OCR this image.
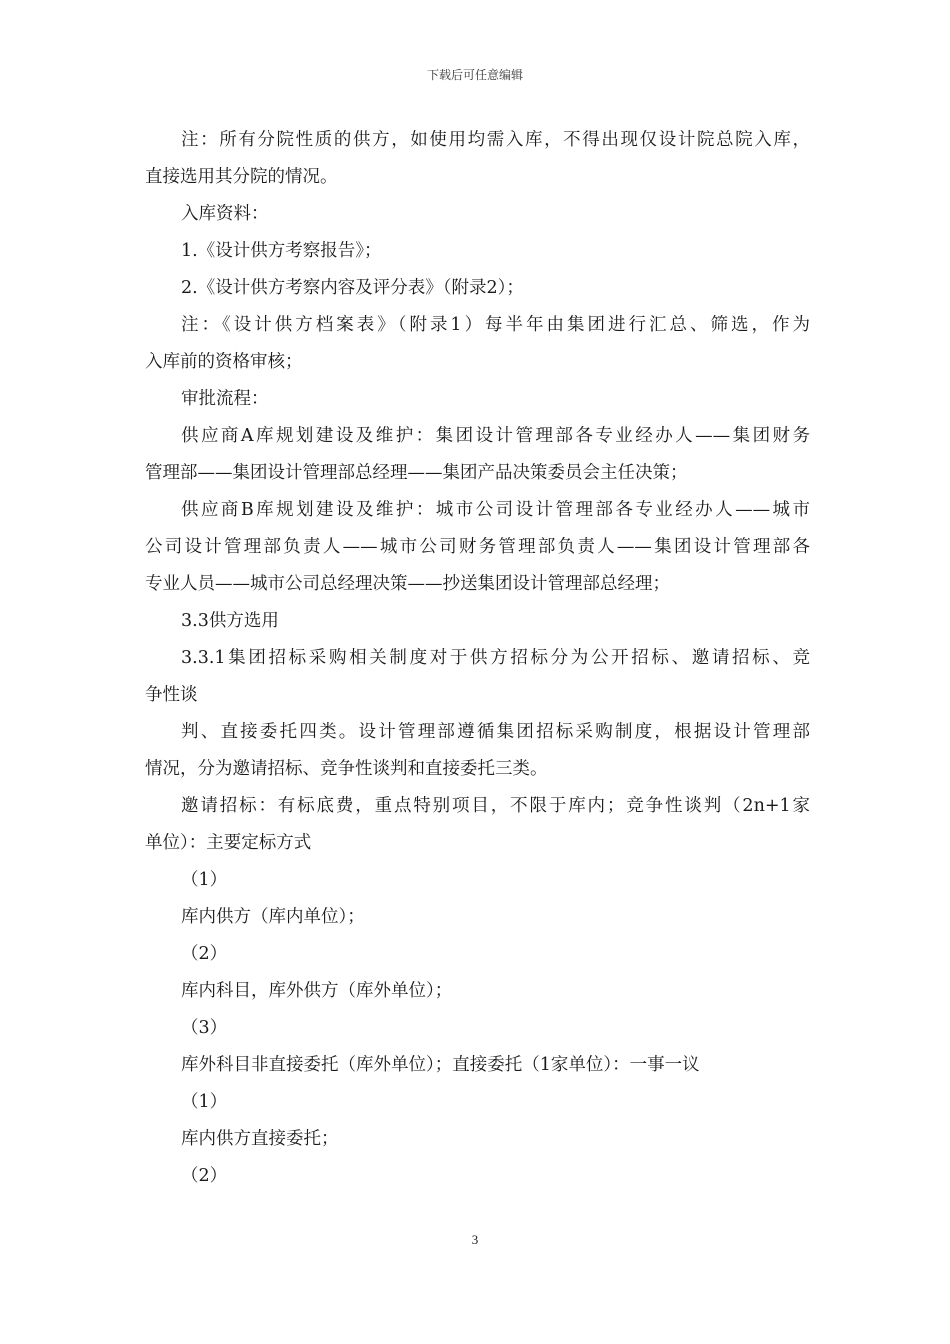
下载后可任意编辑
注：所有分院性质的供方，如使用均需入库，不得出现仅设计院总院入库，
直接选用其分院的情况。
入库资料：
1.《设计供方考察报告》；
2.《设计供方考察内容及评分表》（附录2）；
注：《设计供方档案表》（附录1）每半年由集团进行汇总、筛选，作为
入库前的资格审核；
审批流程：
供应商A库规划建设及维护：集团设计管理部各专业经办人——集团财务
管理部——集团设计管理部总经理——集团产品决策委员会主任决策；
供应商B库规划建设及维护：城市公司设计管理部各专业经办人——城市
公司设计管理部负责人——城市公司财务管理部负责人——集团设计管理部各
专业人员——城市公司总经理决策——抄送集团设计管理部总经理；
3.3供方选用
3.3.1集团招标采购相关制度对于供方招标分为公开招标、邀请招标、竞
争性谈
判、直接委托四类。设计管理部遵循集团招标采购制度，根据设计管理部
情况，分为邀请招标、竞争性谈判和直接委托三类。
邀请招标：有标底费，重点特别项目，不限于库内；竞争性谈判（2n+1家
单位）：主要定标方式
（1）
库内供方（库内单位）；
（2）
库内科目，库外供方（库外单位）；
（3）
库外科目非直接委托（库外单位）；直接委托（1家单位）：一事一议
（1）
库内供方直接委托；
（2）
3
